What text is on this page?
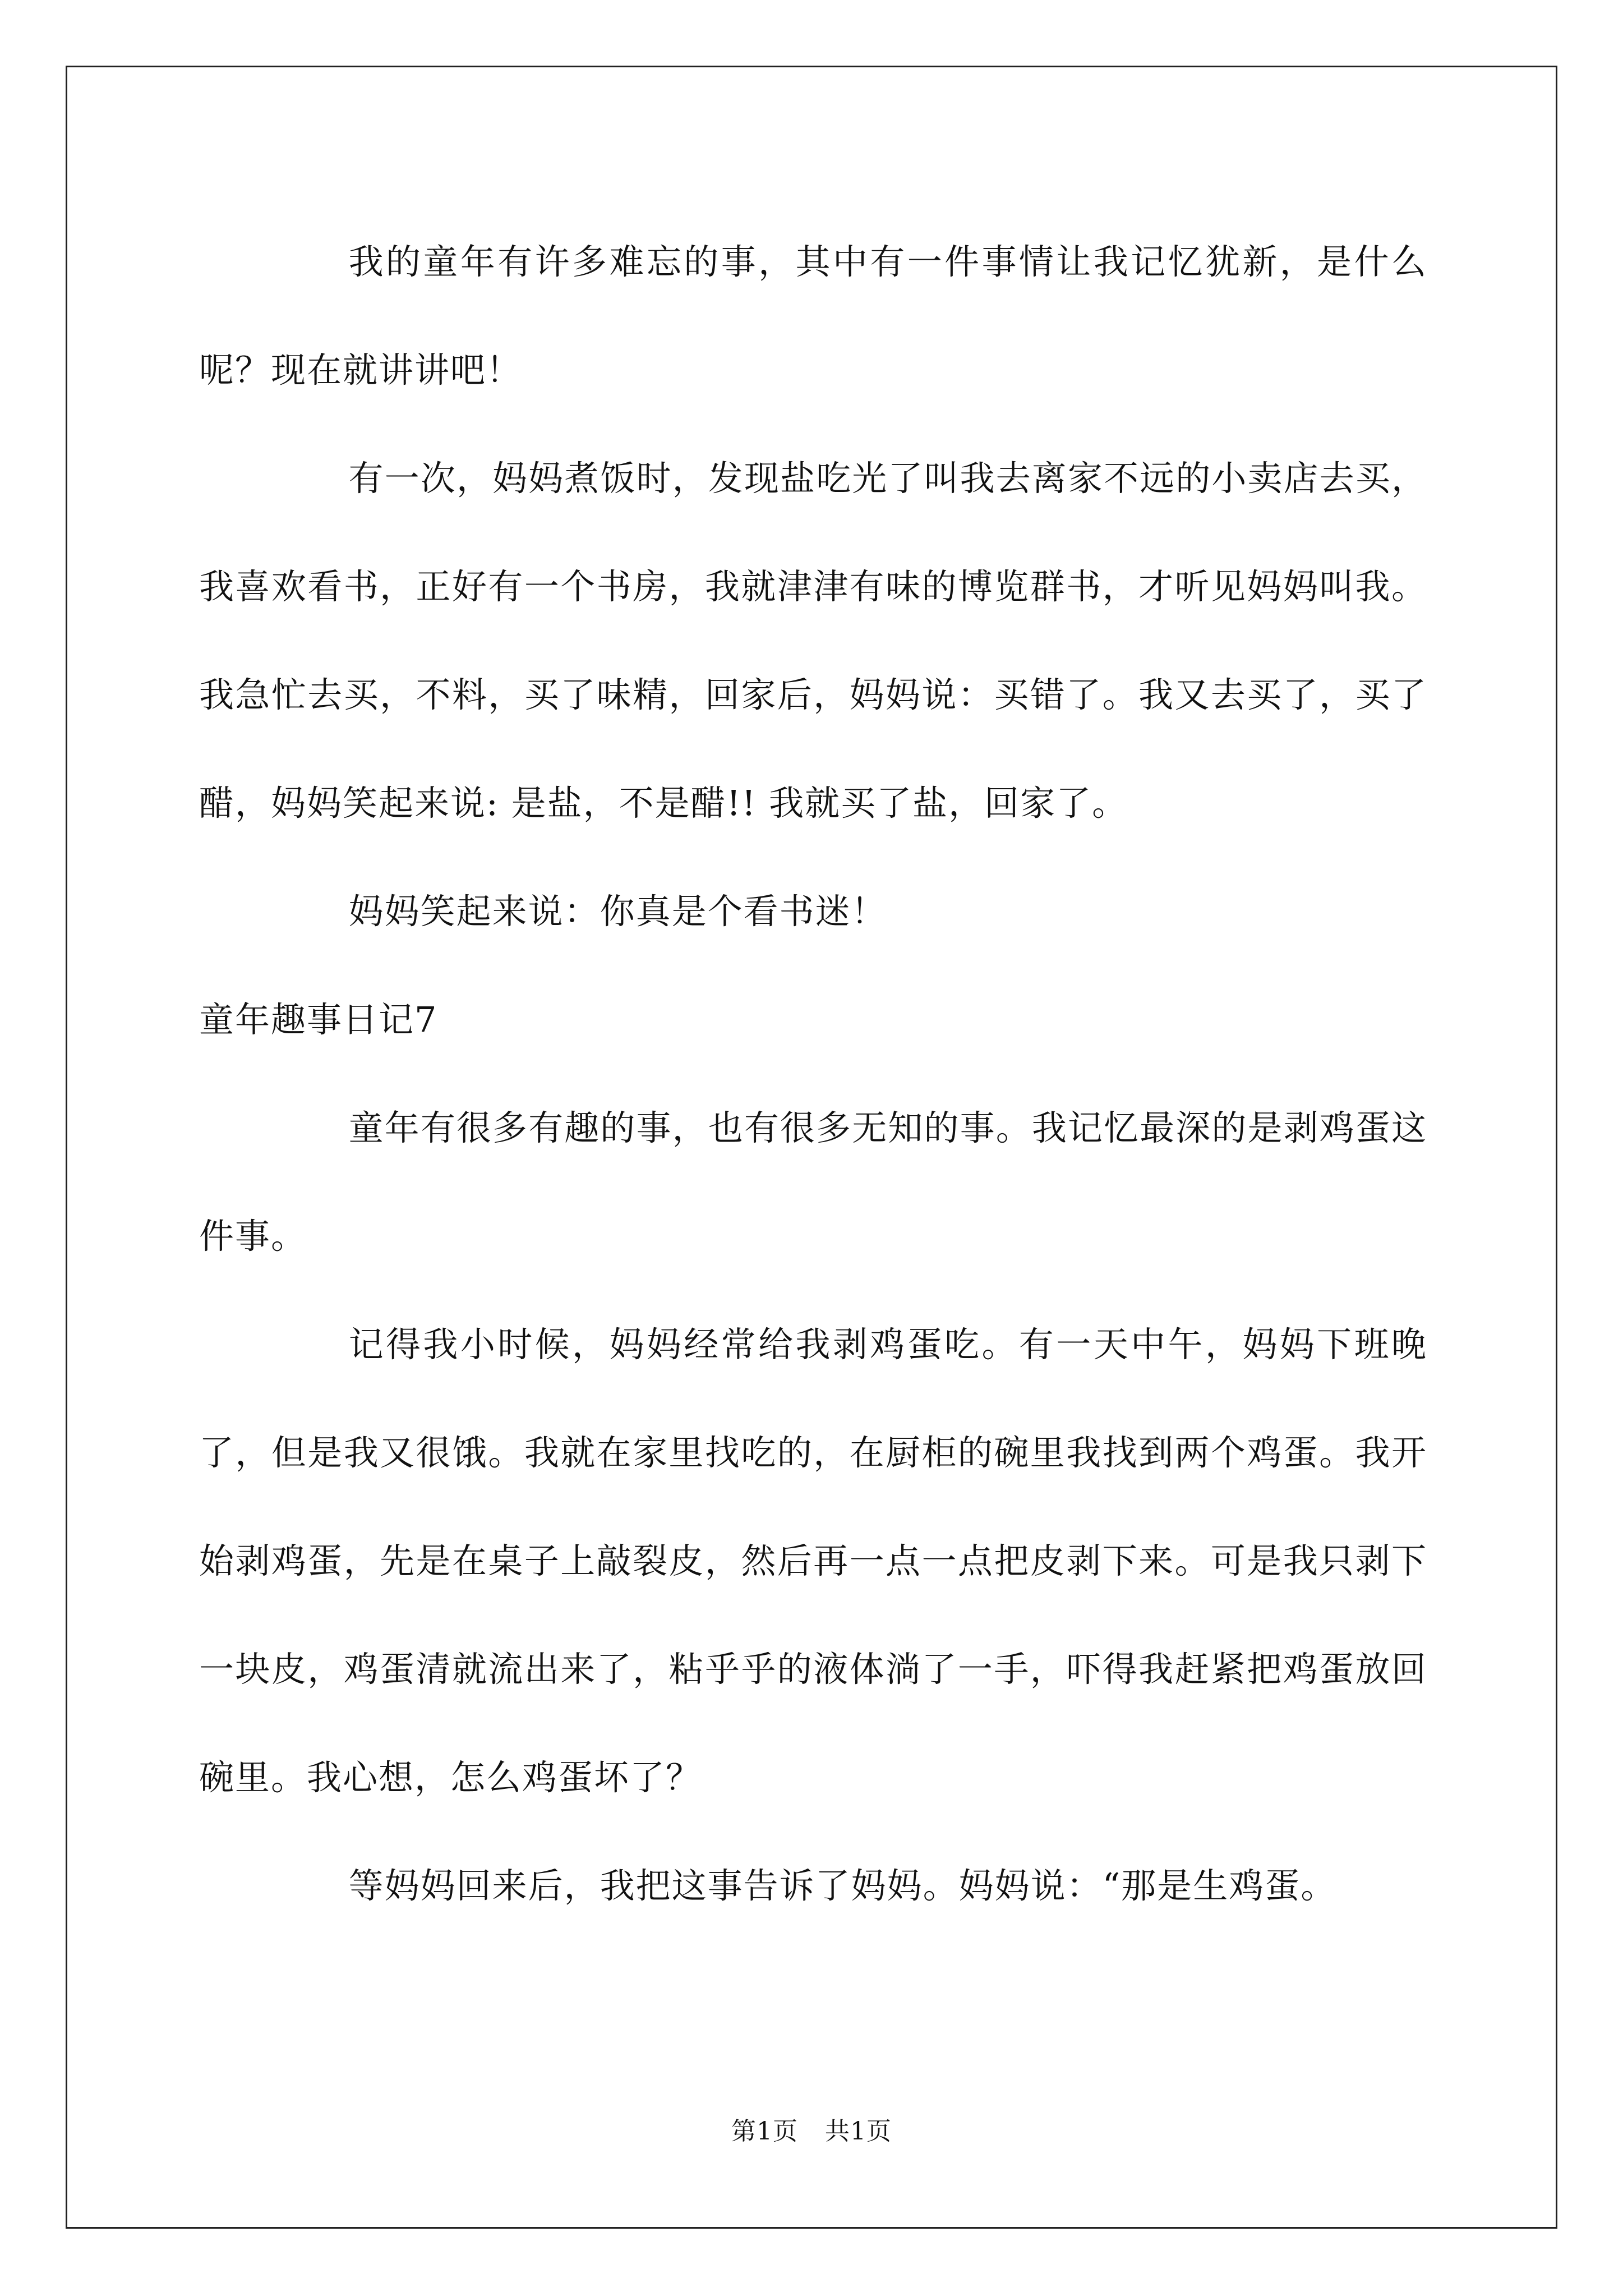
我的童年有许多难忘的事，其中有一件事情让我记忆犹新，是什么呢？现在就讲讲吧！

有一次，妈妈煮饭时，发现盐吃光了叫我去离家不远的小卖店去买，我喜欢看书，正好有一个书房，我就津津有味的博览群书，才听见妈妈叫我。我急忙去买，不料，买了味精，回家后，妈妈说：买错了。我又去买了，买了醋，妈妈笑起来说: 是盐，不是醋!! 我就买了盐，回家了。

妈妈笑起来说：你真是个看书迷！

童年趣事日记7

童年有很多有趣的事，也有很多无知的事。我记忆最深的是剥鸡蛋这件事。

记得我小时候，妈妈经常给我剥鸡蛋吃。有一天中午，妈妈下班晚了，但是我又很饿。我就在家里找吃的，在厨柜的碗里我找到两个鸡蛋。我开始剥鸡蛋，先是在桌子上敲裂皮，然后再一点一点把皮剥下来。可是我只剥下一块皮，鸡蛋清就流出来了，粘乎乎的液体淌了一手，吓得我赶紧把鸡蛋放回碗里。我心想，怎么鸡蛋坏了？

等妈妈回来后，我把这事告诉了妈妈。妈妈说：“那是生鸡蛋。

第1页 共1页
